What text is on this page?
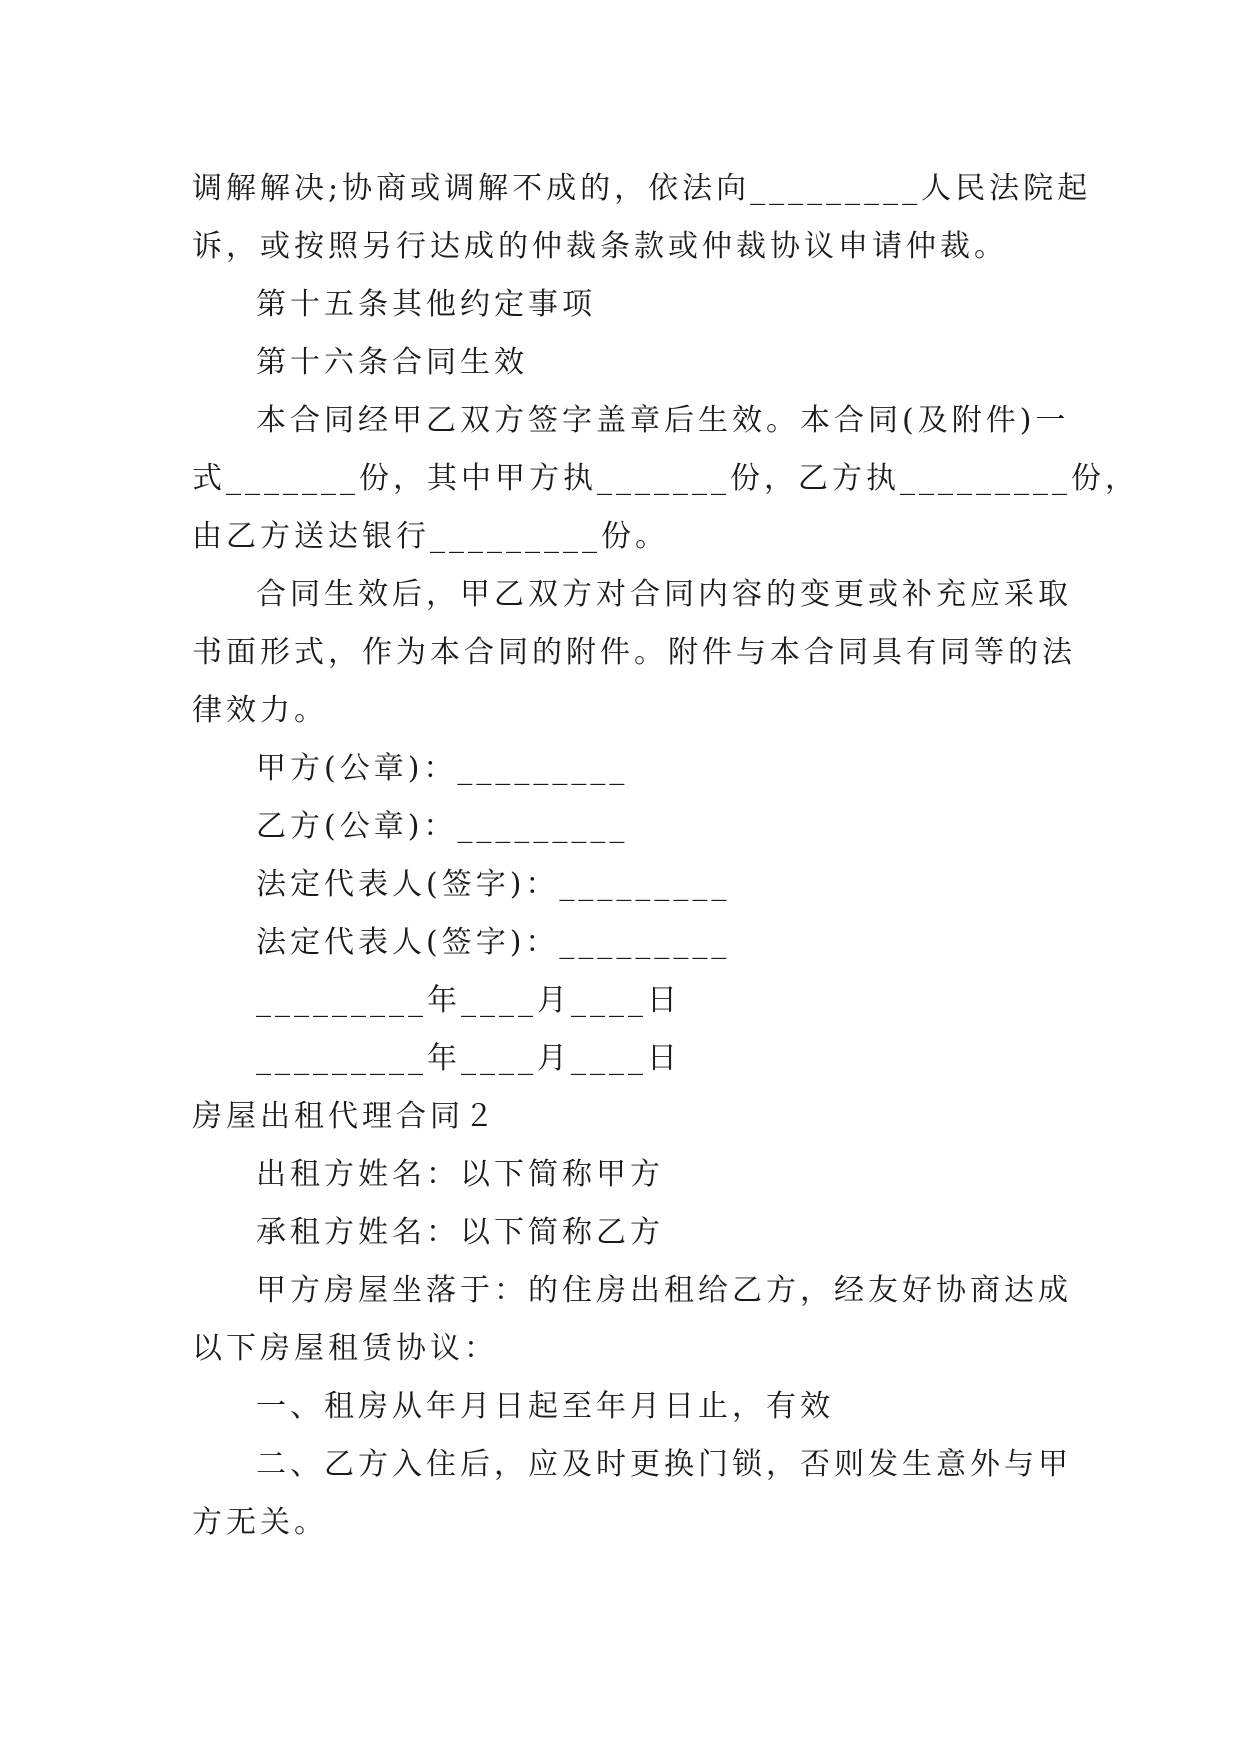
调解解决;协商或调解不成的，依法向_________人民法院起
诉，或按照另行达成的仲裁条款或仲裁协议申请仲裁。
第十五条其他约定事项
第十六条合同生效
本合同经甲乙双方签字盖章后生效。本合同(及附件)一
式_______份，其中甲方执_______份，乙方执_________份，
由乙方送达银行_________份。
合同生效后，甲乙双方对合同内容的变更或补充应采取
书面形式，作为本合同的附件。附件与本合同具有同等的法
律效力。
甲方(公章)：_________
乙方(公章)：_________
法定代表人(签字)：_________
法定代表人(签字)：_________
_________年____月____日
_________年____月____日
房屋出租代理合同２
出租方姓名：以下简称甲方
承租方姓名：以下简称乙方
甲方房屋坐落于：的住房出租给乙方，经友好协商达成
以下房屋租赁协议：
一、租房从年月日起至年月日止，有效
二、乙方入住后，应及时更换门锁，否则发生意外与甲
方无关。
